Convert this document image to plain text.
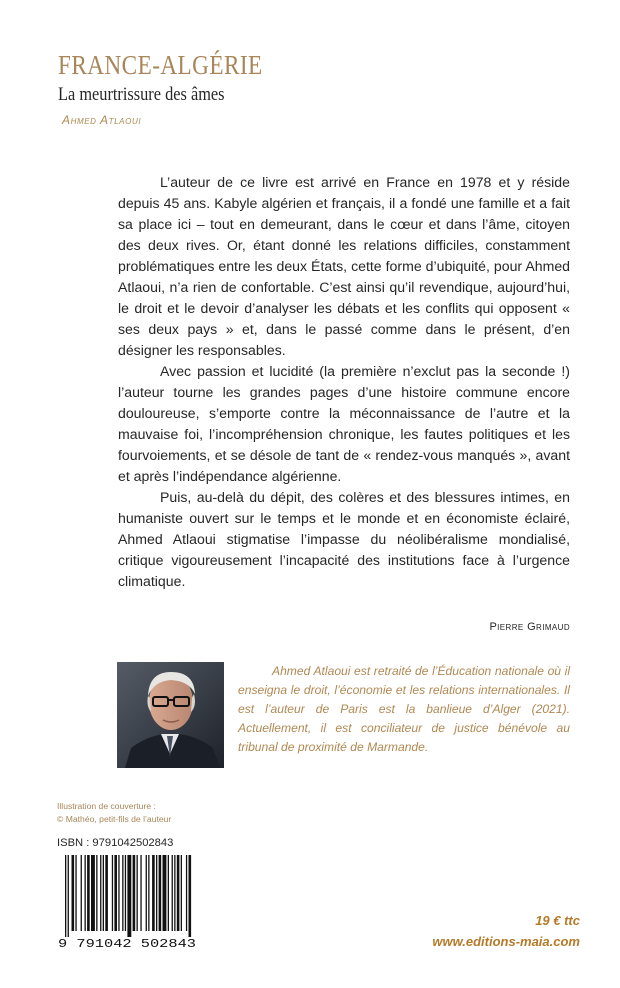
FRANCE-ALGÉRIE
La meurtrissure des âmes
Ahmed Atlaoui

L’auteur de ce livre est arrivé en France en 1978 et y réside depuis 45 ans. Kabyle algérien et français, il a fondé une famille et a fait sa place ici – tout en demeurant, dans le cœur et dans l’âme, citoyen des deux rives. Or, étant donné les relations difficiles, constamment problématiques entre les deux États, cette forme d’ubiquité, pour Ahmed Atlaoui, n’a rien de confortable. C’est ainsi qu’il revendique, aujourd’hui, le droit et le devoir d’analyser les débats et les conflits qui opposent « ses deux pays » et, dans le passé comme dans le présent, d’en désigner les responsables.

Avec passion et lucidité (la première n’exclut pas la seconde !) l’auteur tourne les grandes pages d’une histoire commune encore douloureuse, s’emporte contre la méconnaissance de l’autre et la mauvaise foi, l’incompréhension chronique, les fautes politiques et les fourvoiements, et se désole de tant de « rendez-vous manqués », avant et après l’indépendance algérienne.

Puis, au-delà du dépit, des colères et des blessures intimes, en humaniste ouvert sur le temps et le monde et en économiste éclairé, Ahmed Atlaoui stigmatise l’impasse du néolibéralisme mondialisé, critique vigoureusement l’incapacité des institutions face à l’urgence climatique.

Pierre Grimaud
Ahmed Atlaoui est retraité de l’Éducation nationale où il enseigna le droit, l’économie et les relations internationales. Il est l’auteur de Paris est la banlieue d’Alger (2021). Actuellement, il est conciliateur de justice bénévole au tribunal de proximité de Marmande.
Illustration de couverture :
© Mathéo, petit-fils de l’auteur
ISBN : 9791042502843
9 791042 502843
19 € ttc
www.editions-maia.com
